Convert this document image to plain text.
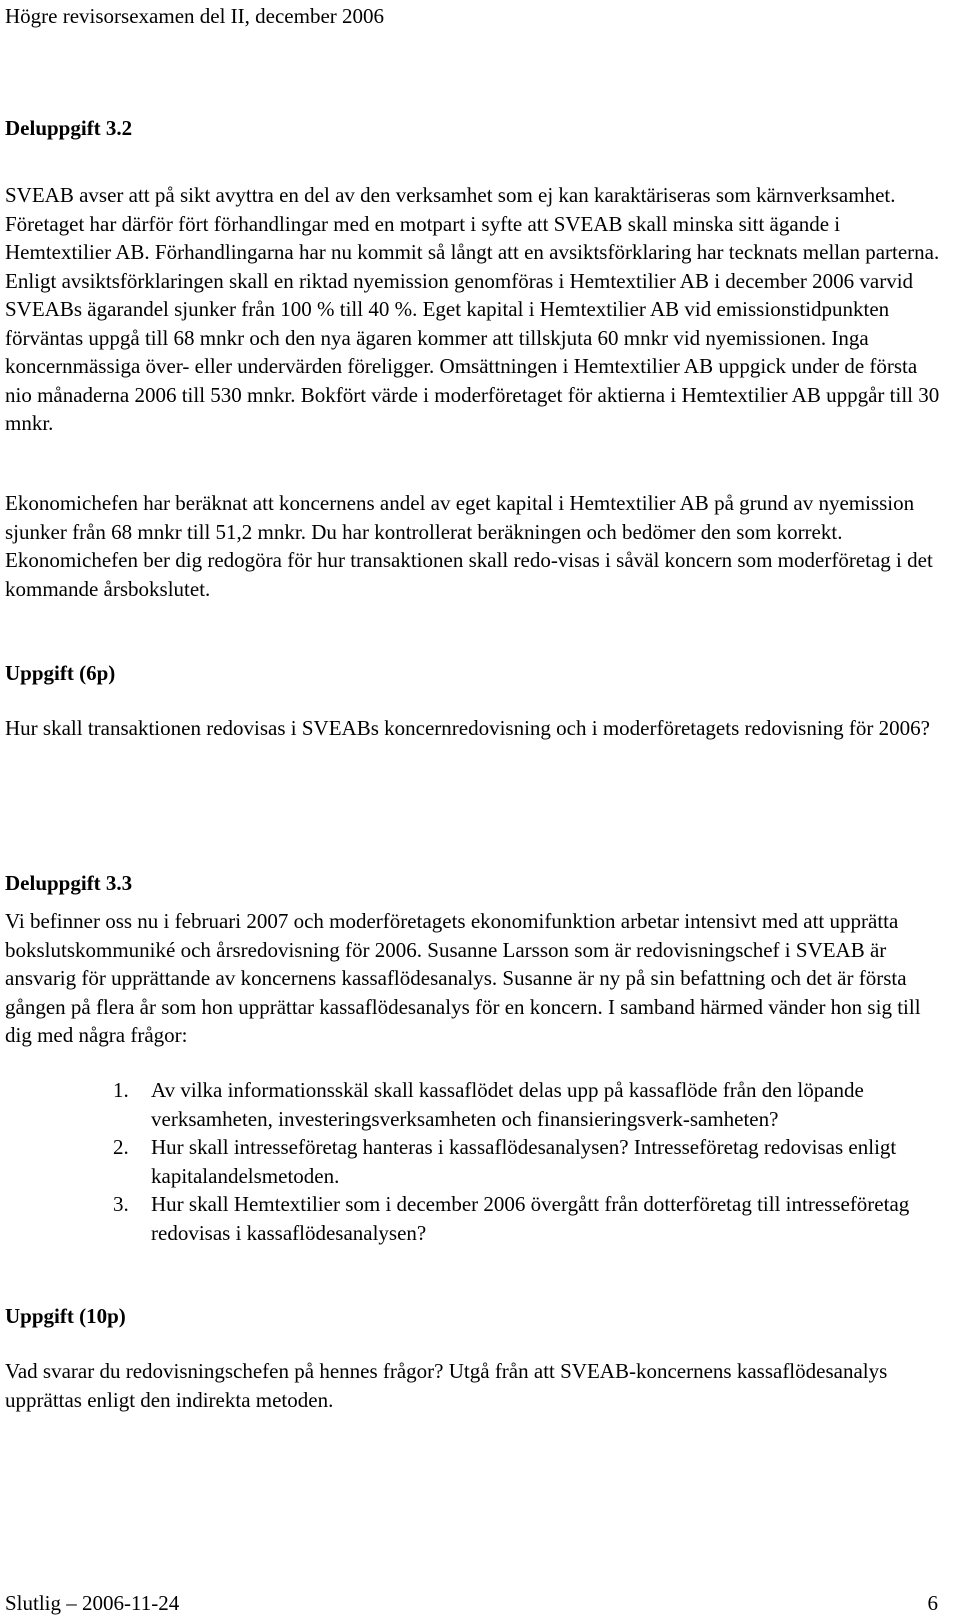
Högre revisorsexamen del II, december 2006
Deluppgift 3.2

SVEAB avser att på sikt avyttra en del av den verksamhet som ej kan karaktäriseras som kärnverksamhet. Företaget har därför fört förhandlingar med en motpart i syfte att SVEAB skall minska sitt ägande i Hemtextilier AB. Förhandlingarna har nu kommit så långt att en avsiktsförklaring har tecknats mellan parterna. Enligt avsiktsförklaringen skall en riktad nyemission genomföras i Hemtextilier AB i december 2006 varvid SVEABs ägarandel sjunker från 100 % till 40 %. Eget kapital i Hemtextilier AB vid emissionstidpunkten förväntas uppgå till 68 mnkr och den nya ägaren kommer att tillskjuta 60 mnkr vid nyemissionen. Inga koncernmässiga över- eller undervärden föreligger. Omsättningen i Hemtextilier AB uppgick under de första nio månaderna 2006 till 530 mnkr. Bokfört värde i moderföretaget för aktierna i Hemtextilier AB uppgår till 30 mnkr.

Ekonomichefen har beräknat att koncernens andel av eget kapital i Hemtextilier AB på grund av nyemission sjunker från 68 mnkr till 51,2 mnkr. Du har kontrollerat beräkningen och bedömer den som korrekt. Ekonomichefen ber dig redogöra för hur transaktionen skall redo-visas i såväl koncern som moderföretag i det kommande årsbokslutet.

Uppgift (6p)

Hur skall transaktionen redovisas i SVEABs koncernredovisning och i moderföretagets redovisning för 2006?

Deluppgift 3.3

Vi befinner oss nu i februari 2007 och moderföretagets ekonomifunktion arbetar intensivt med att upprätta bokslutskommuniké och årsredovisning för 2006. Susanne Larsson som är redovisningschef i SVEAB är ansvarig för upprättande av koncernens kassaflödesanalys. Susanne är ny på sin befattning och det är första gången på flera år som hon upprättar kassaflödesanalys för en koncern. I samband härmed vänder hon sig till dig med några frågor:

1. Av vilka informationsskäl skall kassaflödet delas upp på kassaflöde från den löpande verksamheten, investeringsverksamheten och finansieringsverk-samheten?
2. Hur skall intresseföretag hanteras i kassaflödesanalysen? Intresseföretag redovisas enligt kapitalandelsmetoden.
3. Hur skall Hemtextilier som i december 2006 övergått från dotterföretag till intresseföretag redovisas i kassaflödesanalysen?
Uppgift (10p)

Vad svarar du redovisningschefen på hennes frågor? Utgå från att SVEAB-koncernens kassaflödesanalys upprättas enligt den indirekta metoden.

Slutlig – 2006-11-24	6
